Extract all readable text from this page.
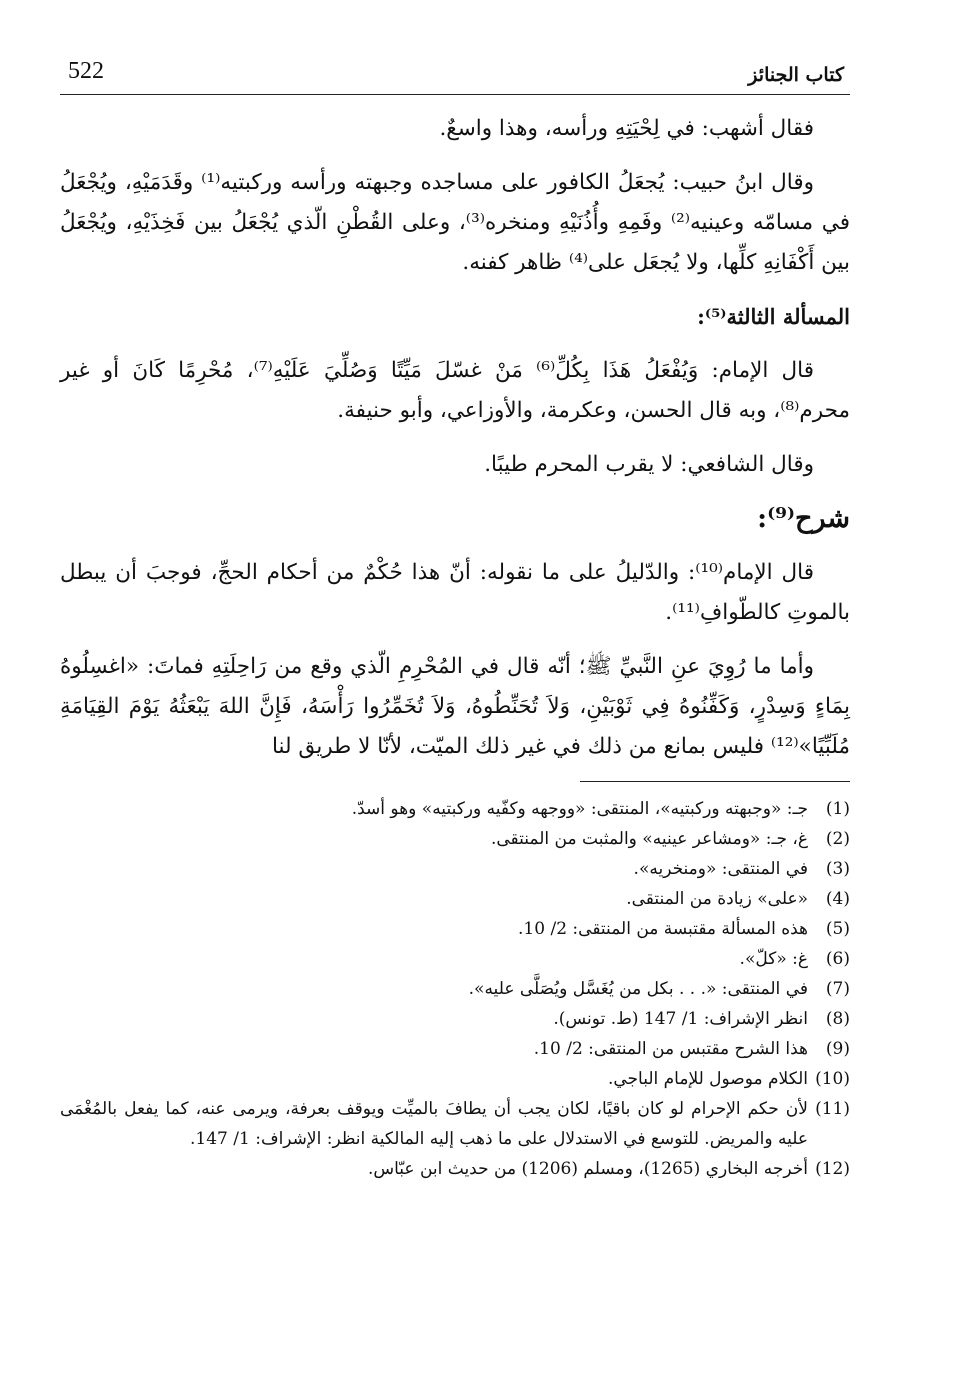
كتاب الجنائز
522

فقال أشهب: في لِحْيَتِهِ ورأسه، وهذا واسعٌ.

وقال ابنُ حبيب: يُجعَلُ الكافور على مساجده وجبهته ورأسه وركبتيه⁽¹⁾ وقَدَمَيْهِ، ويُجْعَلُ في مسامّه وعينيه⁽²⁾ وفَمِهِ وأُذُنَيْهِ ومنخره⁽³⁾، وعلى القُطْنِ الّذي يُجْعَلُ بين فَخِذَيْهِ، ويُجْعَلُ بين أَكْفَانِهِ كلِّها، ولا يُجعَل على⁽⁴⁾ ظاهر كفنه.

المسألة الثالثة⁽⁵⁾:

قال الإمام: وَيُفْعَلُ هَذَا بِكُلِّ⁽⁶⁾ مَنْ غسّلَ مَيِّتًا وَصُلِّيَ عَلَيْهِ⁽⁷⁾، مُحْرِمًا كَانَ أو غير محرم⁽⁸⁾، وبه قال الحسن، وعكرمة، والأوزاعي، وأبو حنيفة.

وقال الشافعي: لا يقرب المحرم طيبًا.

شرح⁽⁹⁾:

قال الإمام⁽¹⁰⁾: والدّليلُ على ما نقوله: أنّ هذا حُكْمٌ من أحكام الحجِّ، فوجبَ أن يبطل بالموتِ كالطّوافِ⁽¹¹⁾.

وأما ما رُوِيَ عنِ النَّبيِّ ﷺ؛ أنّه قال في المُحْرِمِ الّذي وقع من رَاحِلَتِهِ فماتَ: «اغسِلُوهُ بِمَاءٍ وَسِدْرٍ، وَكَفِّنُوهُ فِي ثَوْبَيْنِ، وَلاَ تُحَنِّطُوهُ، وَلاَ تُخَمِّرُوا رَأْسَهُ، فَإِنَّ اللهَ يَبْعَثُهُ يَوْمَ القِيَامَةِ مُلَبِّيًا»⁽¹²⁾ فليس بمانع من ذلك في غير ذلك الميّت، لأنّا لا طريق لنا

(1)
جـ: «وجبهته وركبتيه»، المنتقى: «ووجهه وكفّيه وركبتيه» وهو أسدّ.
(2)
غ، جـ: «ومشاعر عينيه» والمثبت من المنتقى.
(3)
في المنتقى: «ومنخريه».
(4)
«على» زيادة من المنتقى.
(5)
هذه المسألة مقتبسة من المنتقى: 2/ 10.
(6)
غ: «كلّ».
(7)
في المنتقى: «. . . بكل من يُغَسَّل ويُصَلَّى عليه».
(8)
انظر الإشراف: 1/ 147 (ط. تونس).
(9)
هذا الشرح مقتبس من المنتقى: 2/ 10.
(10)
الكلام موصول للإمام الباجي.
(11)
لأن حكم الإحرام لو كان باقيًا، لكان يجب أن يطافَ بالميِّت ويوقف بعرفة، ويرمى عنه، كما يفعل بالمُغْمَى عليه والمريض. للتوسع في الاستدلال على ما ذهب إليه المالكية انظر: الإشراف: 1/ 147.
(12)
أخرجه البخاري (1265)، ومسلم (1206) من حديث ابن عبّاس.
